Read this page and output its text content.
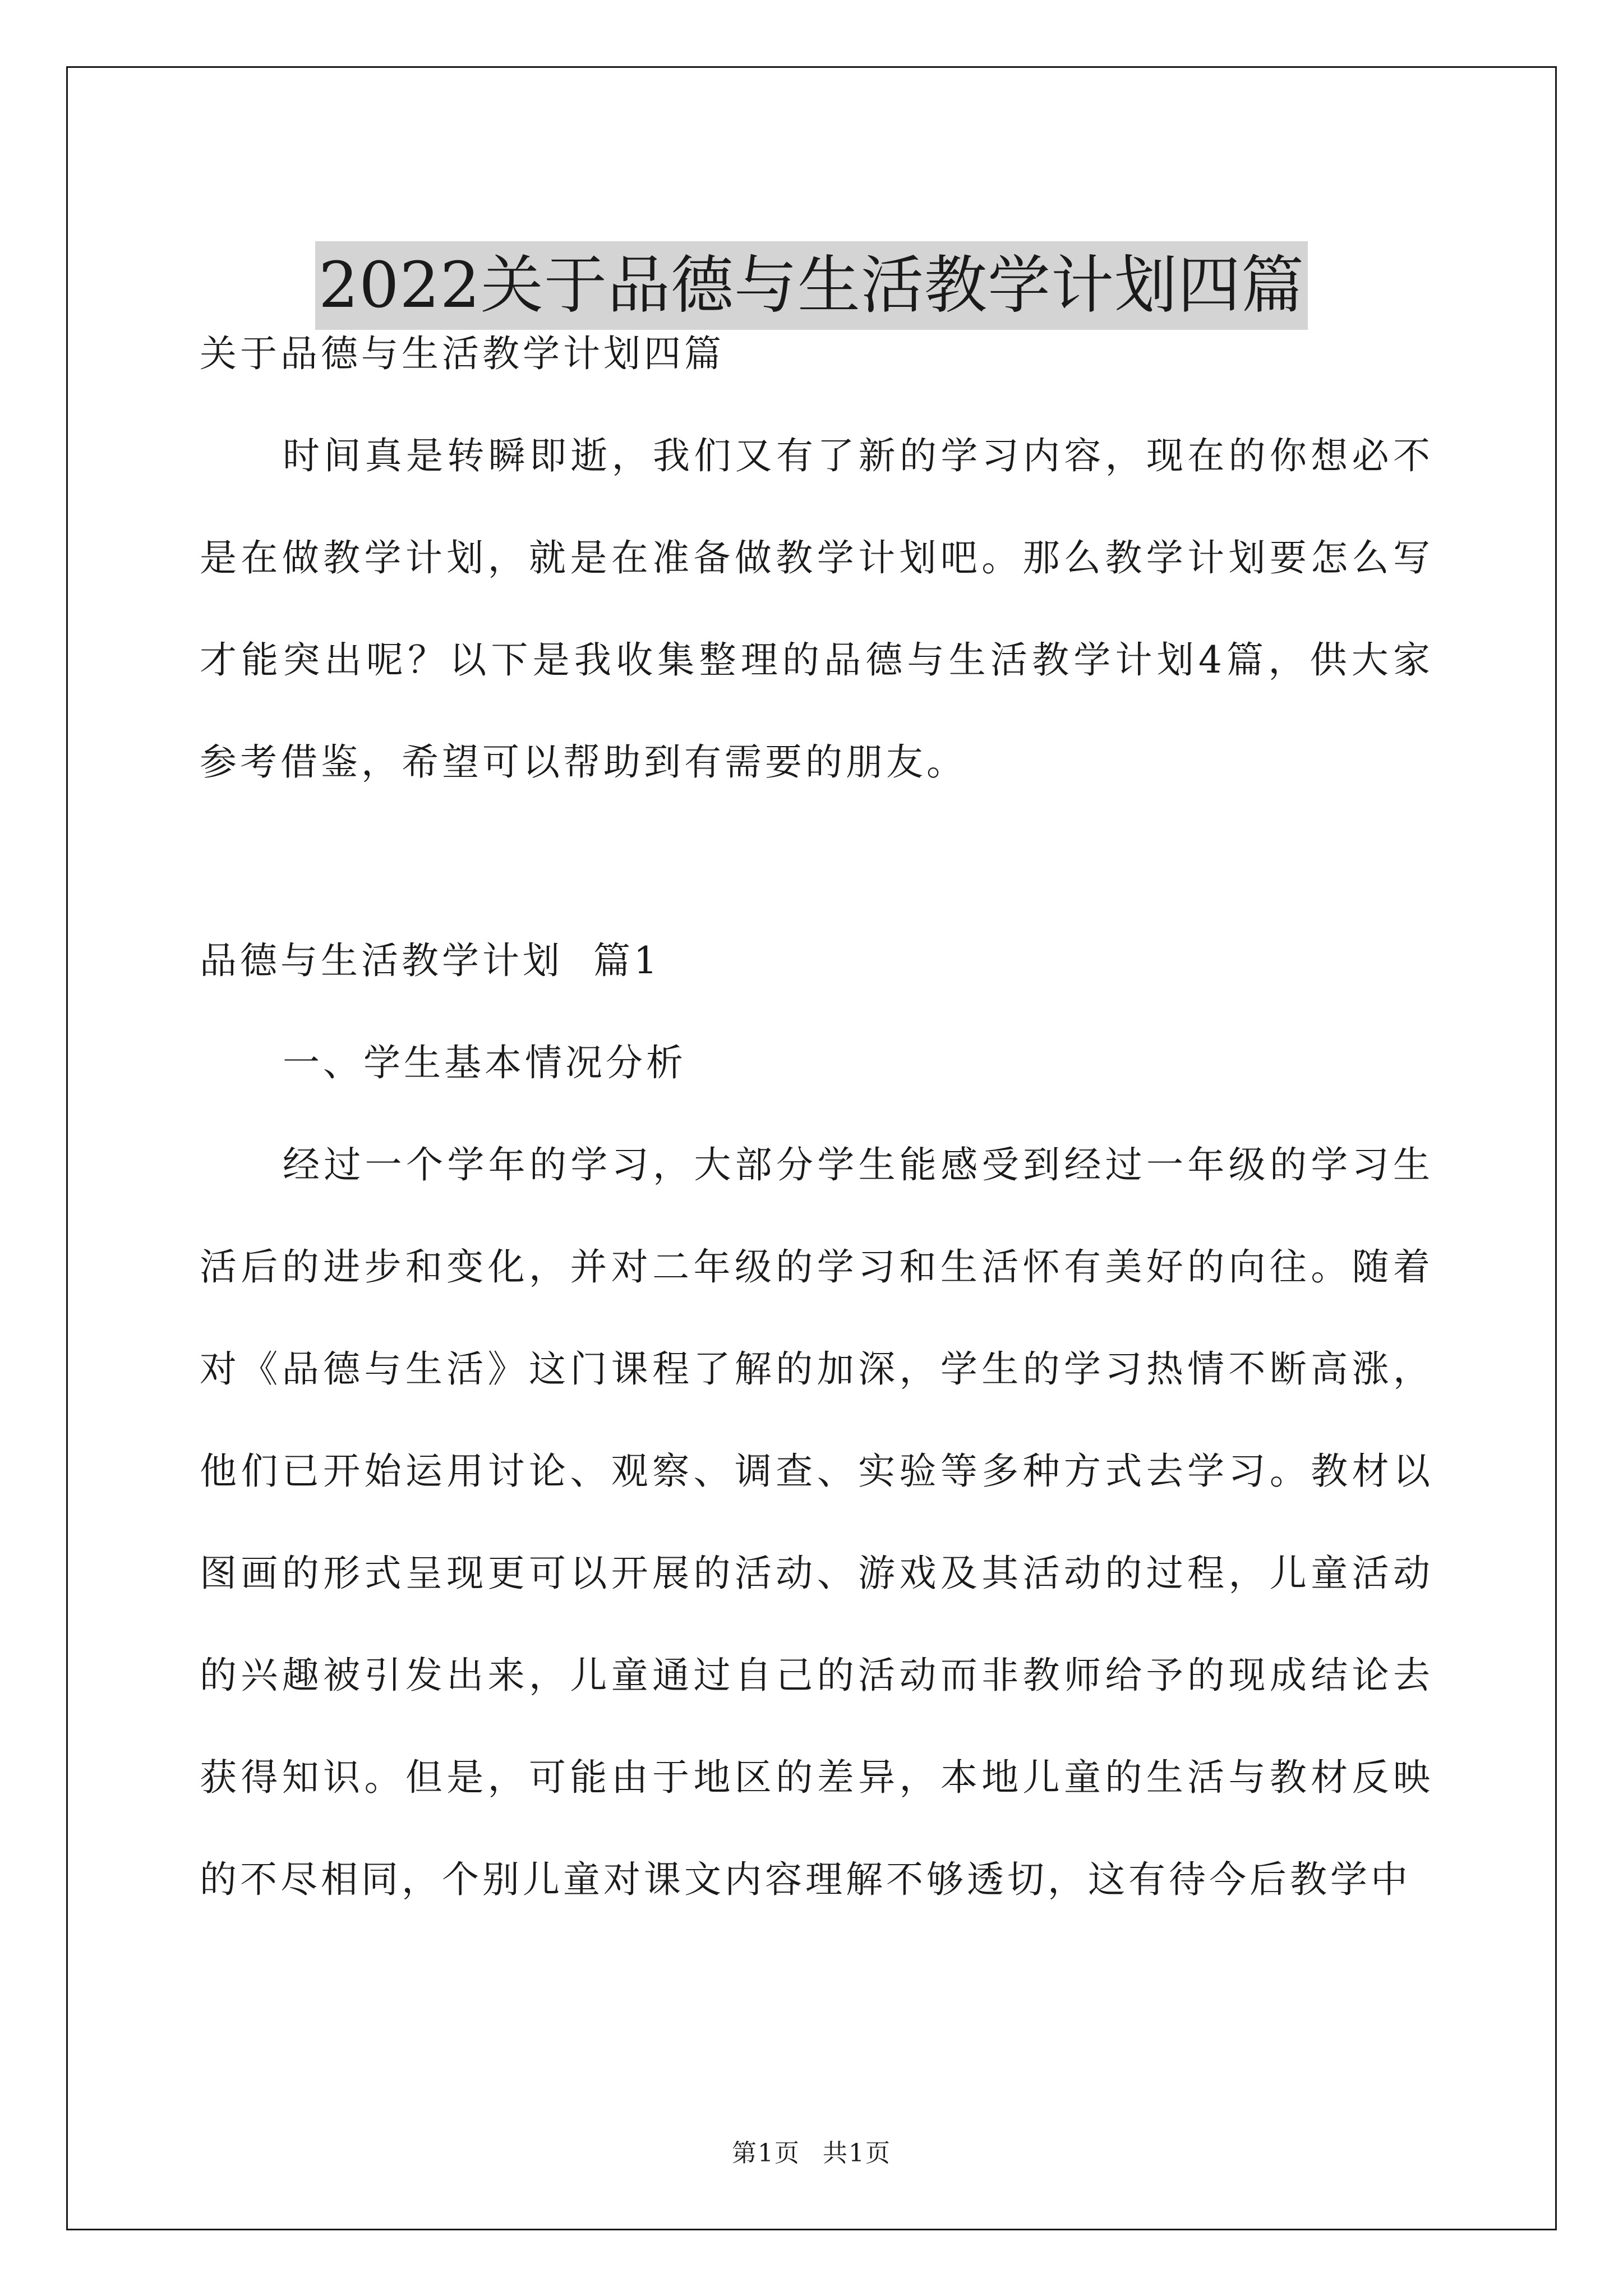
2022关于品德与生活教学计划四篇

关于品德与生活教学计划四篇

时间真是转瞬即逝，我们又有了新的学习内容，现在的你想必不是在做教学计划，就是在准备做教学计划吧。那么教学计划要怎么写才能突出呢？以下是我收集整理的品德与生活教学计划4篇，供大家参考借鉴，希望可以帮助到有需要的朋友。

品德与生活教学计划  篇1

一、学生基本情况分析

经过一个学年的学习，大部分学生能感受到经过一年级的学习生活后的进步和变化，并对二年级的学习和生活怀有美好的向往。随着对《品德与生活》这门课程了解的加深，学生的学习热情不断高涨，他们已开始运用讨论、观察、调查、实验等多种方式去学习。教材以图画的形式呈现更可以开展的活动、游戏及其活动的过程，儿童活动的兴趣被引发出来，儿童通过自己的活动而非教师给予的现成结论去获得知识。但是，可能由于地区的差异，本地儿童的生活与教材反映的不尽相同，个别儿童对课文内容理解不够透切，这有待今后教学中

第1页 共1页
